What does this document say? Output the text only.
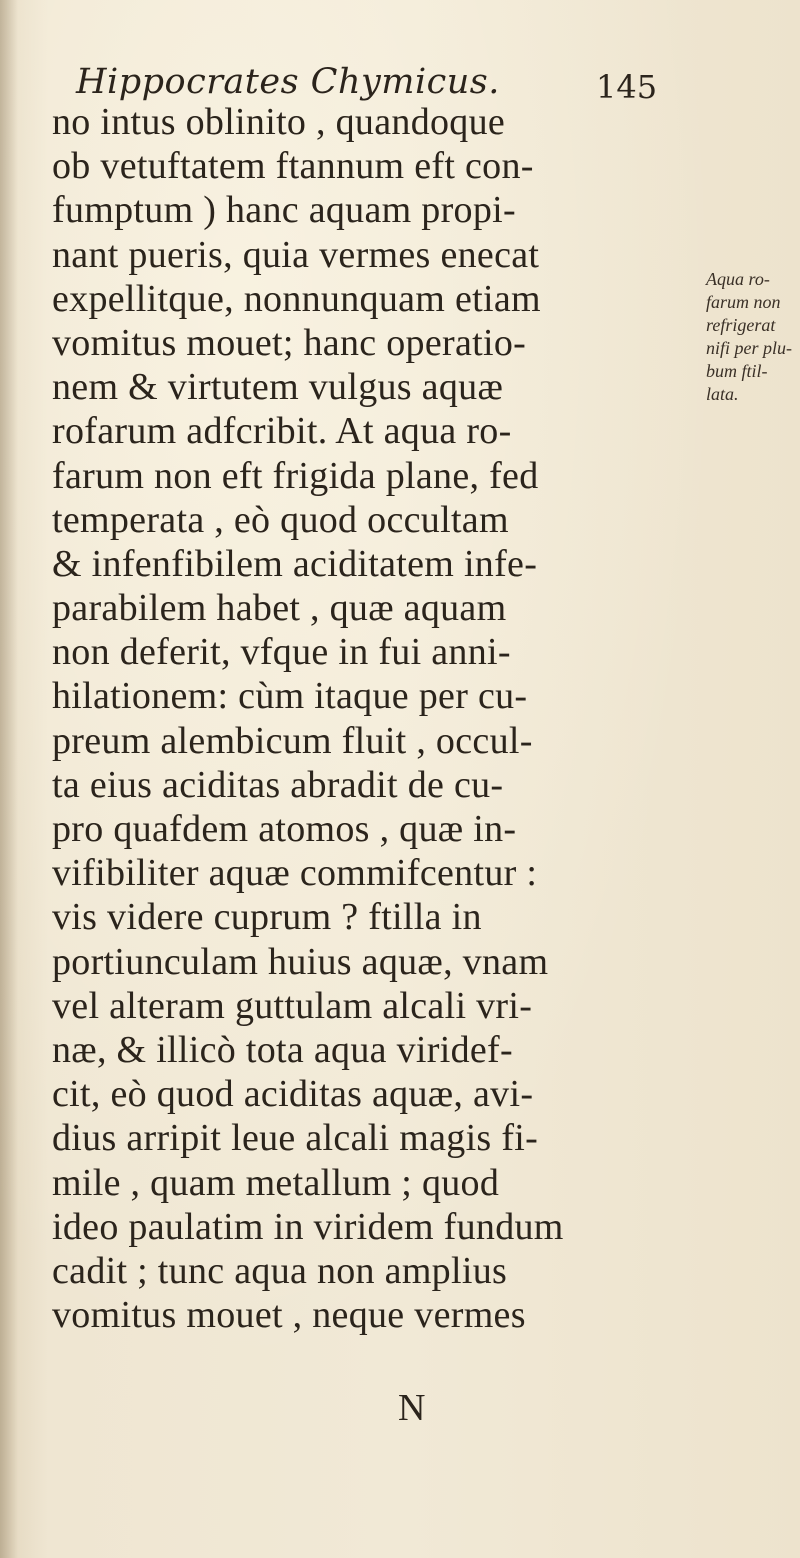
Hippocrates Chymicus.	145
no intus oblinito , quandoque
ob vetuftatem ftannum eft con-
fumptum ) hanc aquam propi-
nant pueris, quia vermes enecat
expellitque, nonnunquam etiam
vomitus mouet; hanc operatio-
nem & virtutem vulgus aquæ
rofarum adfcribit. At aqua ro-
farum non eft frigida plane, fed
temperata , eò quod occultam
& infenfibilem aciditatem infe-
parabilem habet , quæ aquam
non deferit, vfque in fui anni-
hilationem: cùm itaque per cu-
preum alembicum fluit , occul-
ta eius aciditas abradit de cu-
pro quafdem atomos , quæ in-
vifibiliter aquæ commifcentur :
vis videre cuprum ? ftilla in
portiunculam huius aquæ, vnam
vel alteram guttulam alcali vri-
næ, & illicò tota aqua viridef-
cit, eò quod aciditas aquæ, avi-
dius arripit leue alcali magis fi-
mile , quam metallum ; quod
ideo paulatim in viridem fundum
cadit ; tunc aqua non amplius
vomitus mouet , neque vermes
Aqua ro-
farum non
refrigerat
nifi per plu-
bum ftil-
lata.
N
